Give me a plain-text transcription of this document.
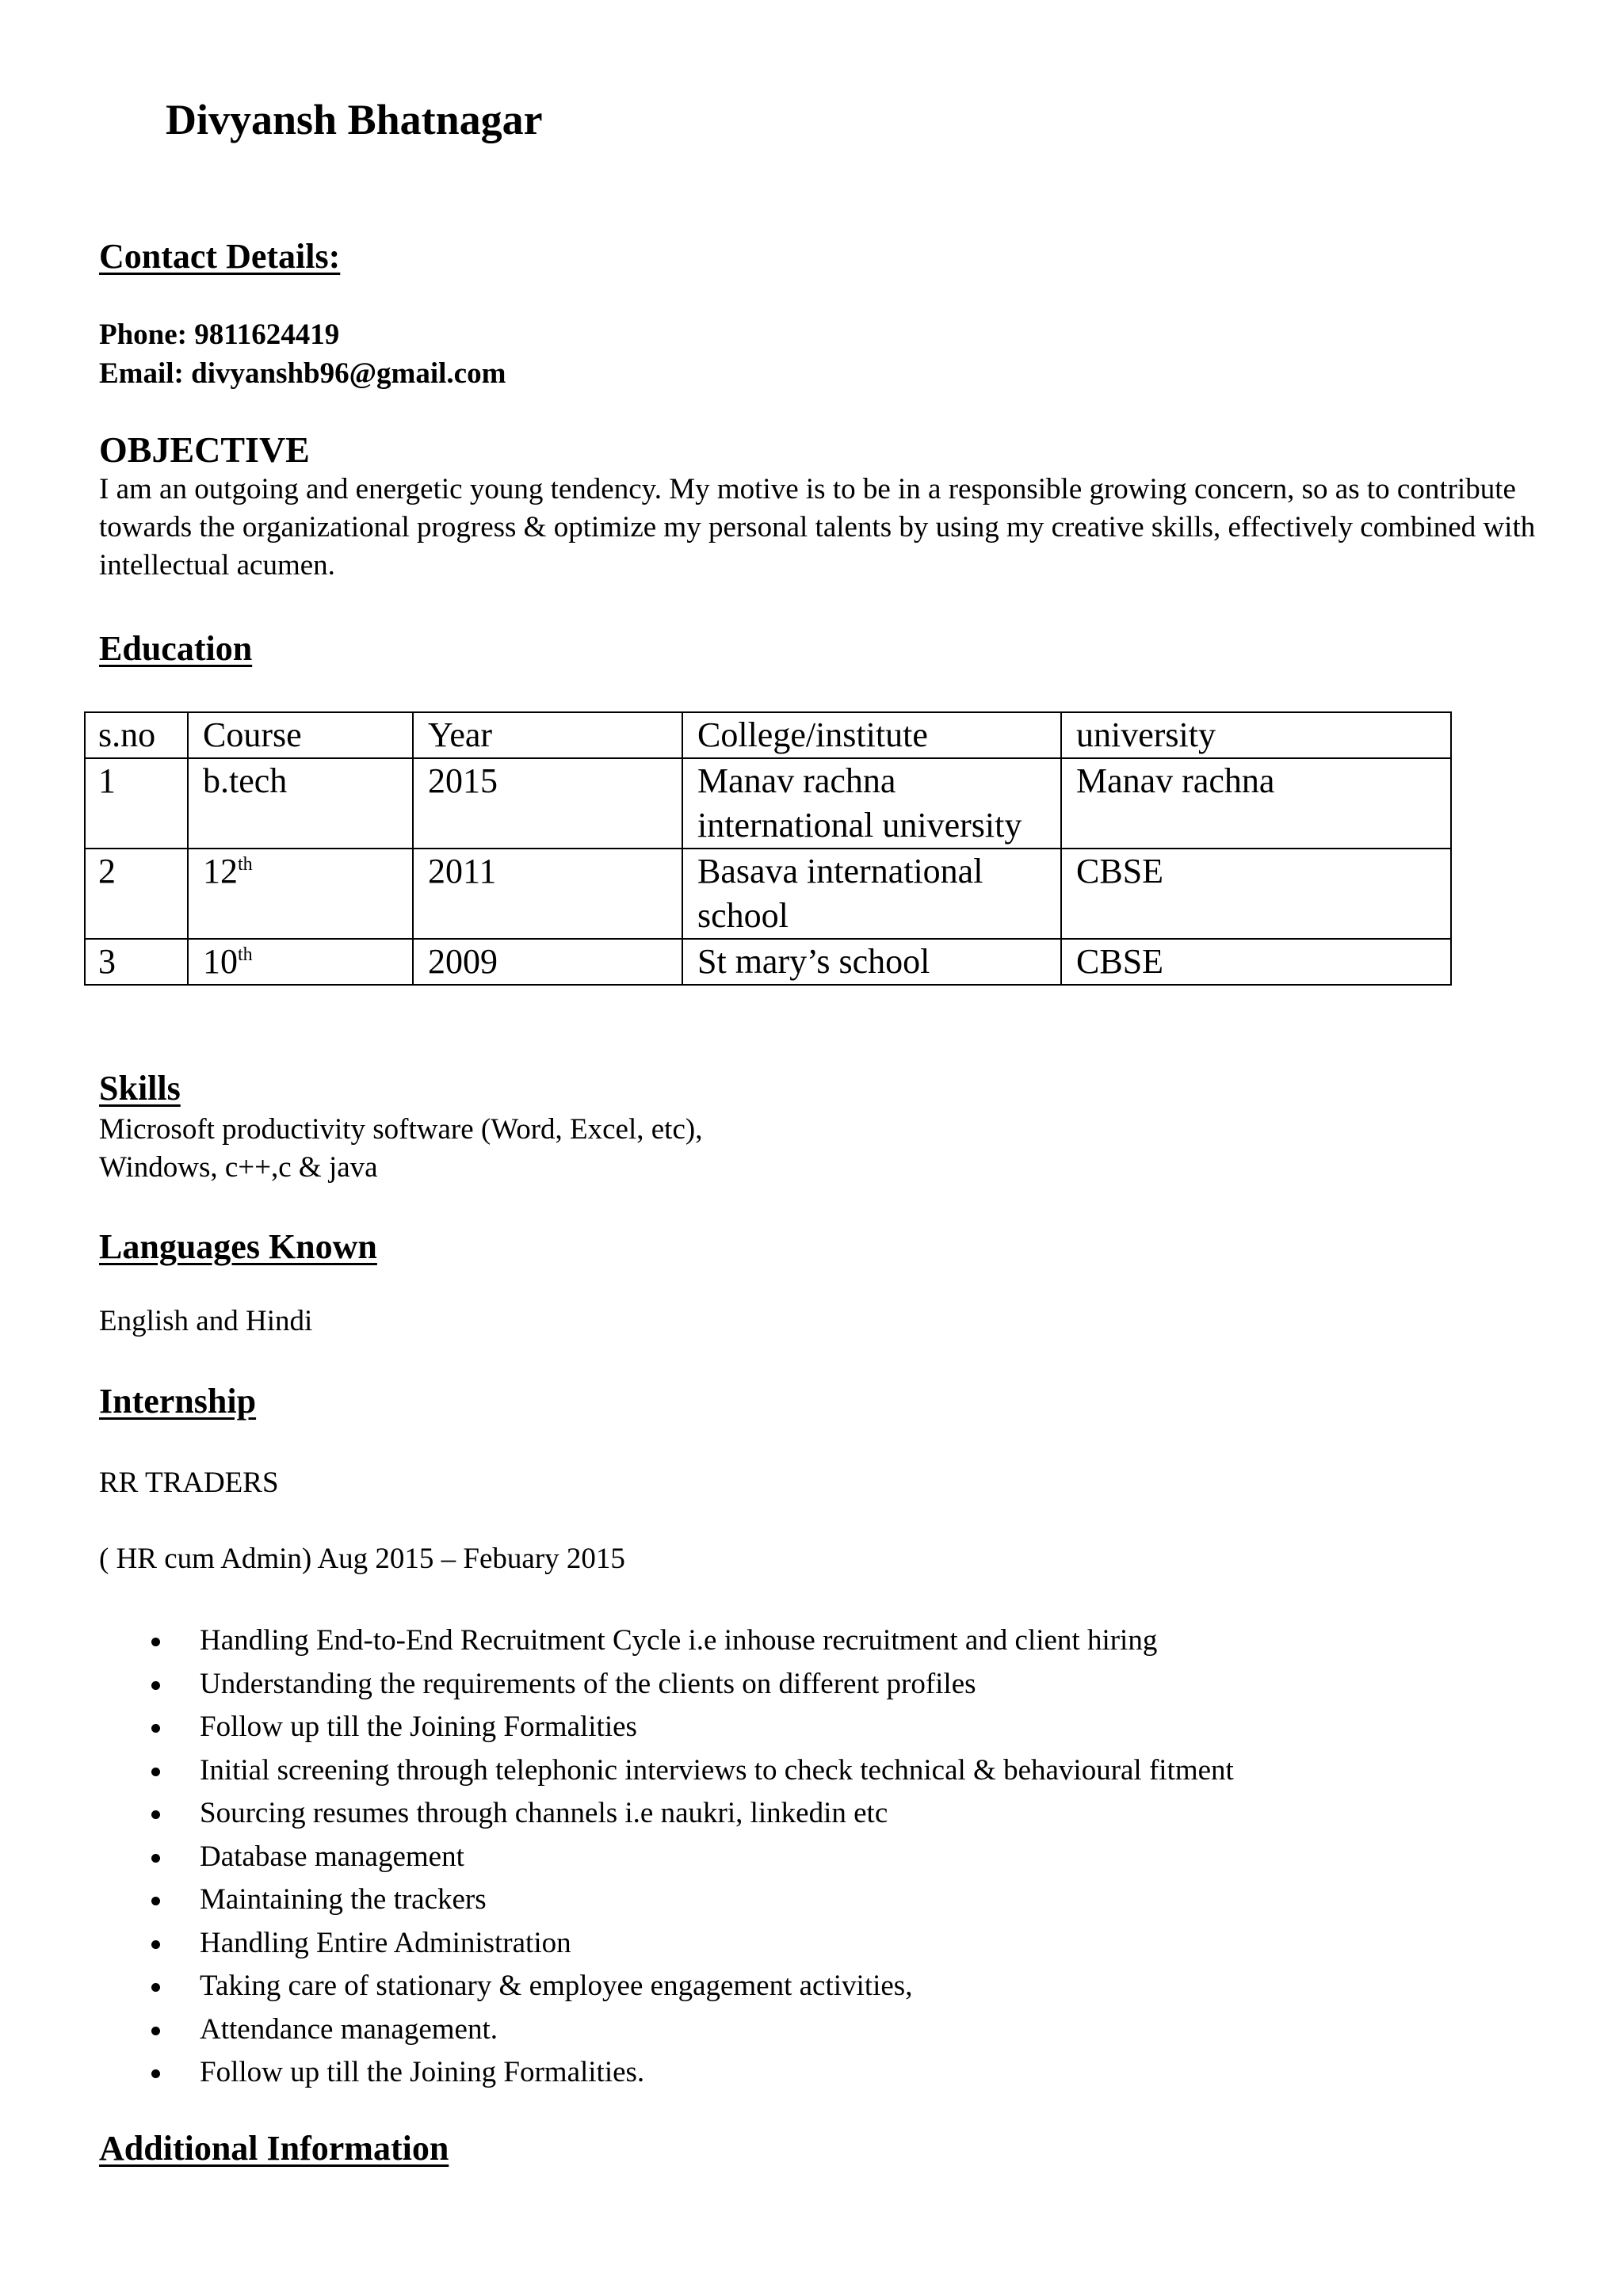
Divyansh Bhatnagar
Contact Details:
Phone: 9811624419
Email: divyanshb96@gmail.com
OBJECTIVE
I am an outgoing and energetic young tendency. My motive is to be in a responsible growing concern, so as to contribute towards the organizational progress & optimize my personal talents by using my creative skills, effectively combined with intellectual acumen.
Education
s.no	Course	Year	College/institute	university
1	b.tech	2015	Manav rachna international university	Manav rachna
2	12th	2011	Basava international school	CBSE
3	10th	2009	St mary’s school	CBSE
Skills
Microsoft productivity software (Word, Excel, etc),
Windows, c++,c & java
Languages Known
English and Hindi
Internship
RR TRADERS
( HR cum Admin) Aug 2015 – Febuary 2015
Handling End-to-End Recruitment Cycle i.e inhouse recruitment and client hiring
Understanding the requirements of the clients on different profiles
Follow up till the Joining Formalities
Initial screening through telephonic interviews to check technical & behavioural fitment
Sourcing resumes through channels i.e naukri, linkedin etc
Database management
Maintaining the trackers
Handling Entire Administration
Taking care of stationary & employee engagement activities,
Attendance management.
Follow up till the Joining Formalities.
Additional Information
